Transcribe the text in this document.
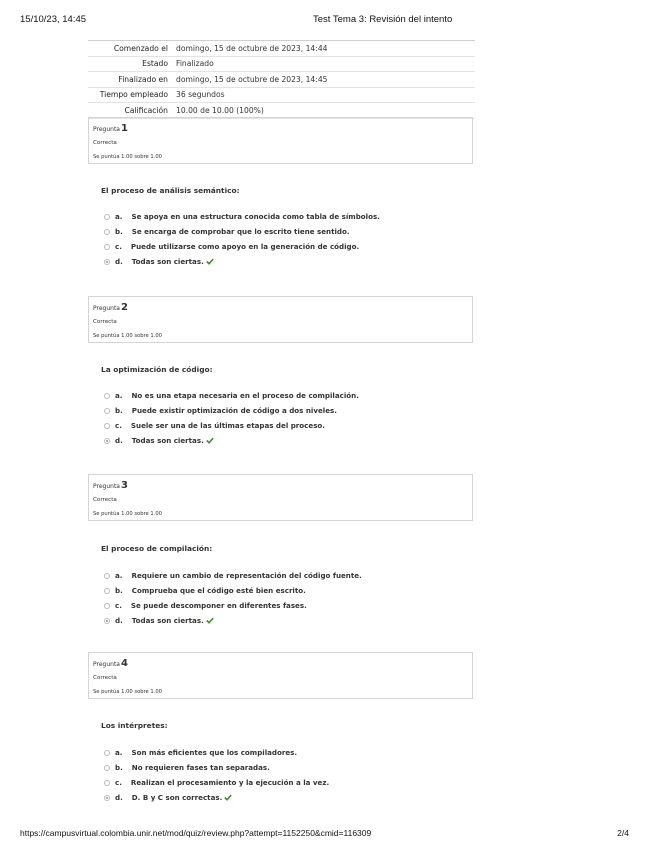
15/10/23, 14:45	Test Tema 3: Revisión del intento
Comenzado el	domingo, 15 de octubre de 2023, 14:44
Estado	Finalizado
Finalizado en	domingo, 15 de octubre de 2023, 14:45
Tiempo empleado	36 segundos
Calificación	10.00 de 10.00 (100%)
Pregunta1
Correcta
Se puntúa 1.00 sobre 1.00
El proceso de análisis semántico:
a. Se apoya en una estructura conocida como tabla de símbolos.
b. Se encarga de comprobar que lo escrito tiene sentido.
c. Puede utilizarse como apoyo en la generación de código.
d. Todas son ciertas.
Pregunta2
Correcta
Se puntúa 1.00 sobre 1.00
La optimización de código:
a. No es una etapa necesaria en el proceso de compilación.
b. Puede existir optimización de código a dos niveles.
c. Suele ser una de las últimas etapas del proceso.
d. Todas son ciertas.
Pregunta3
Correcta
Se puntúa 1.00 sobre 1.00
El proceso de compilación:
a. Requiere un cambio de representación del código fuente.
b. Comprueba que el código esté bien escrito.
c. Se puede descomponer en diferentes fases.
d. Todas son ciertas.
Pregunta4
Correcta
Se puntúa 1.00 sobre 1.00
Los intérpretes:
a. Son más eficientes que los compiladores.
b. No requieren fases tan separadas.
c. Realizan el procesamiento y la ejecución a la vez.
d. D. B y C son correctas.
https://campusvirtual.colombia.unir.net/mod/quiz/review.php?attempt=1152250&cmid=116309	2/4
